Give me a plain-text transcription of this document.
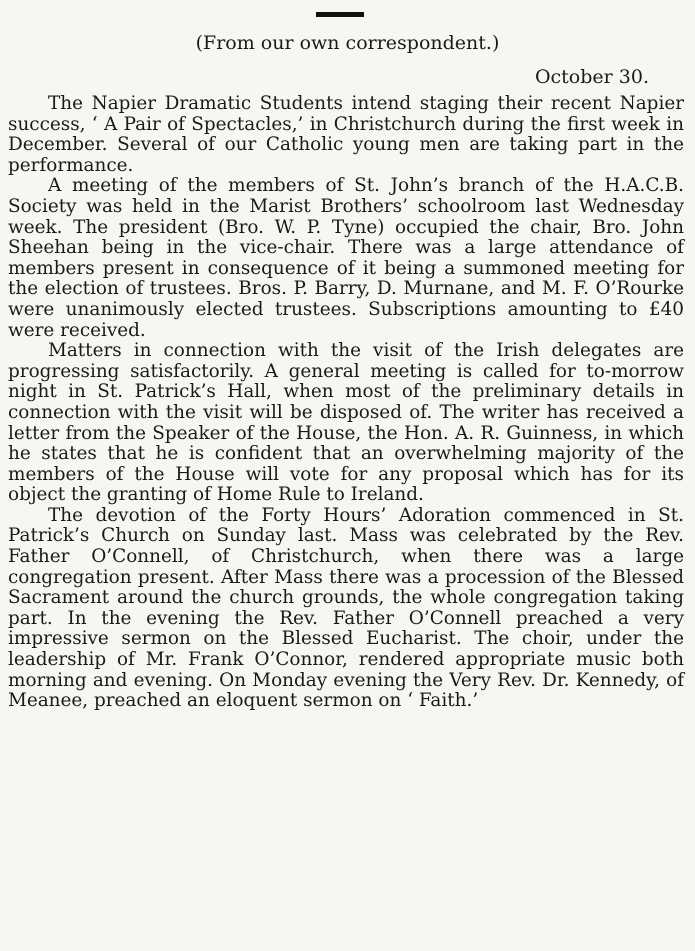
(From our own correspondent.)
October 30.

The Napier Dramatic Students intend staging their recent Napier success, ‘ A Pair of Spectacles,’ in Christchurch during the first week in December. Several of our Catholic young men are taking part in the performance.

A meeting of the members of St. John’s branch of the H.A.C.B. Society was held in the Marist Brothers’ schoolroom last Wednesday week. The president (Bro. W. P. Tyne) occupied the chair, Bro. John Sheehan being in the vice-chair. There was a large attendance of members present in consequence of it being a summoned meeting for the election of trustees. Bros. P. Barry, D. Murnane, and M. F. O’Rourke were unanimously elected trustees. Subscriptions amounting to £40 were received.

Matters in connection with the visit of the Irish delegates are progressing satisfactorily. A general meeting is called for to-morrow night in St. Patrick’s Hall, when most of the preliminary details in connection with the visit will be disposed of. The writer has received a letter from the Speaker of the House, the Hon. A. R. Guinness, in which he states that he is confident that an overwhelming majority of the members of the House will vote for any proposal which has for its object the granting of Home Rule to Ireland.

The devotion of the Forty Hours’ Adoration commenced in St. Patrick’s Church on Sunday last. Mass was celebrated by the Rev. Father O’Connell, of Christchurch, when there was a large congregation present. After Mass there was a procession of the Blessed Sacrament around the church grounds, the whole congregation taking part. In the evening the Rev. Father O’Connell preached a very impressive sermon on the Blessed Eucharist. The choir, under the leadership of Mr. Frank O’Connor, rendered appropriate music both morning and evening. On Monday evening the Very Rev. Dr. Kennedy, of Meanee, preached an eloquent sermon on ‘ Faith.’
